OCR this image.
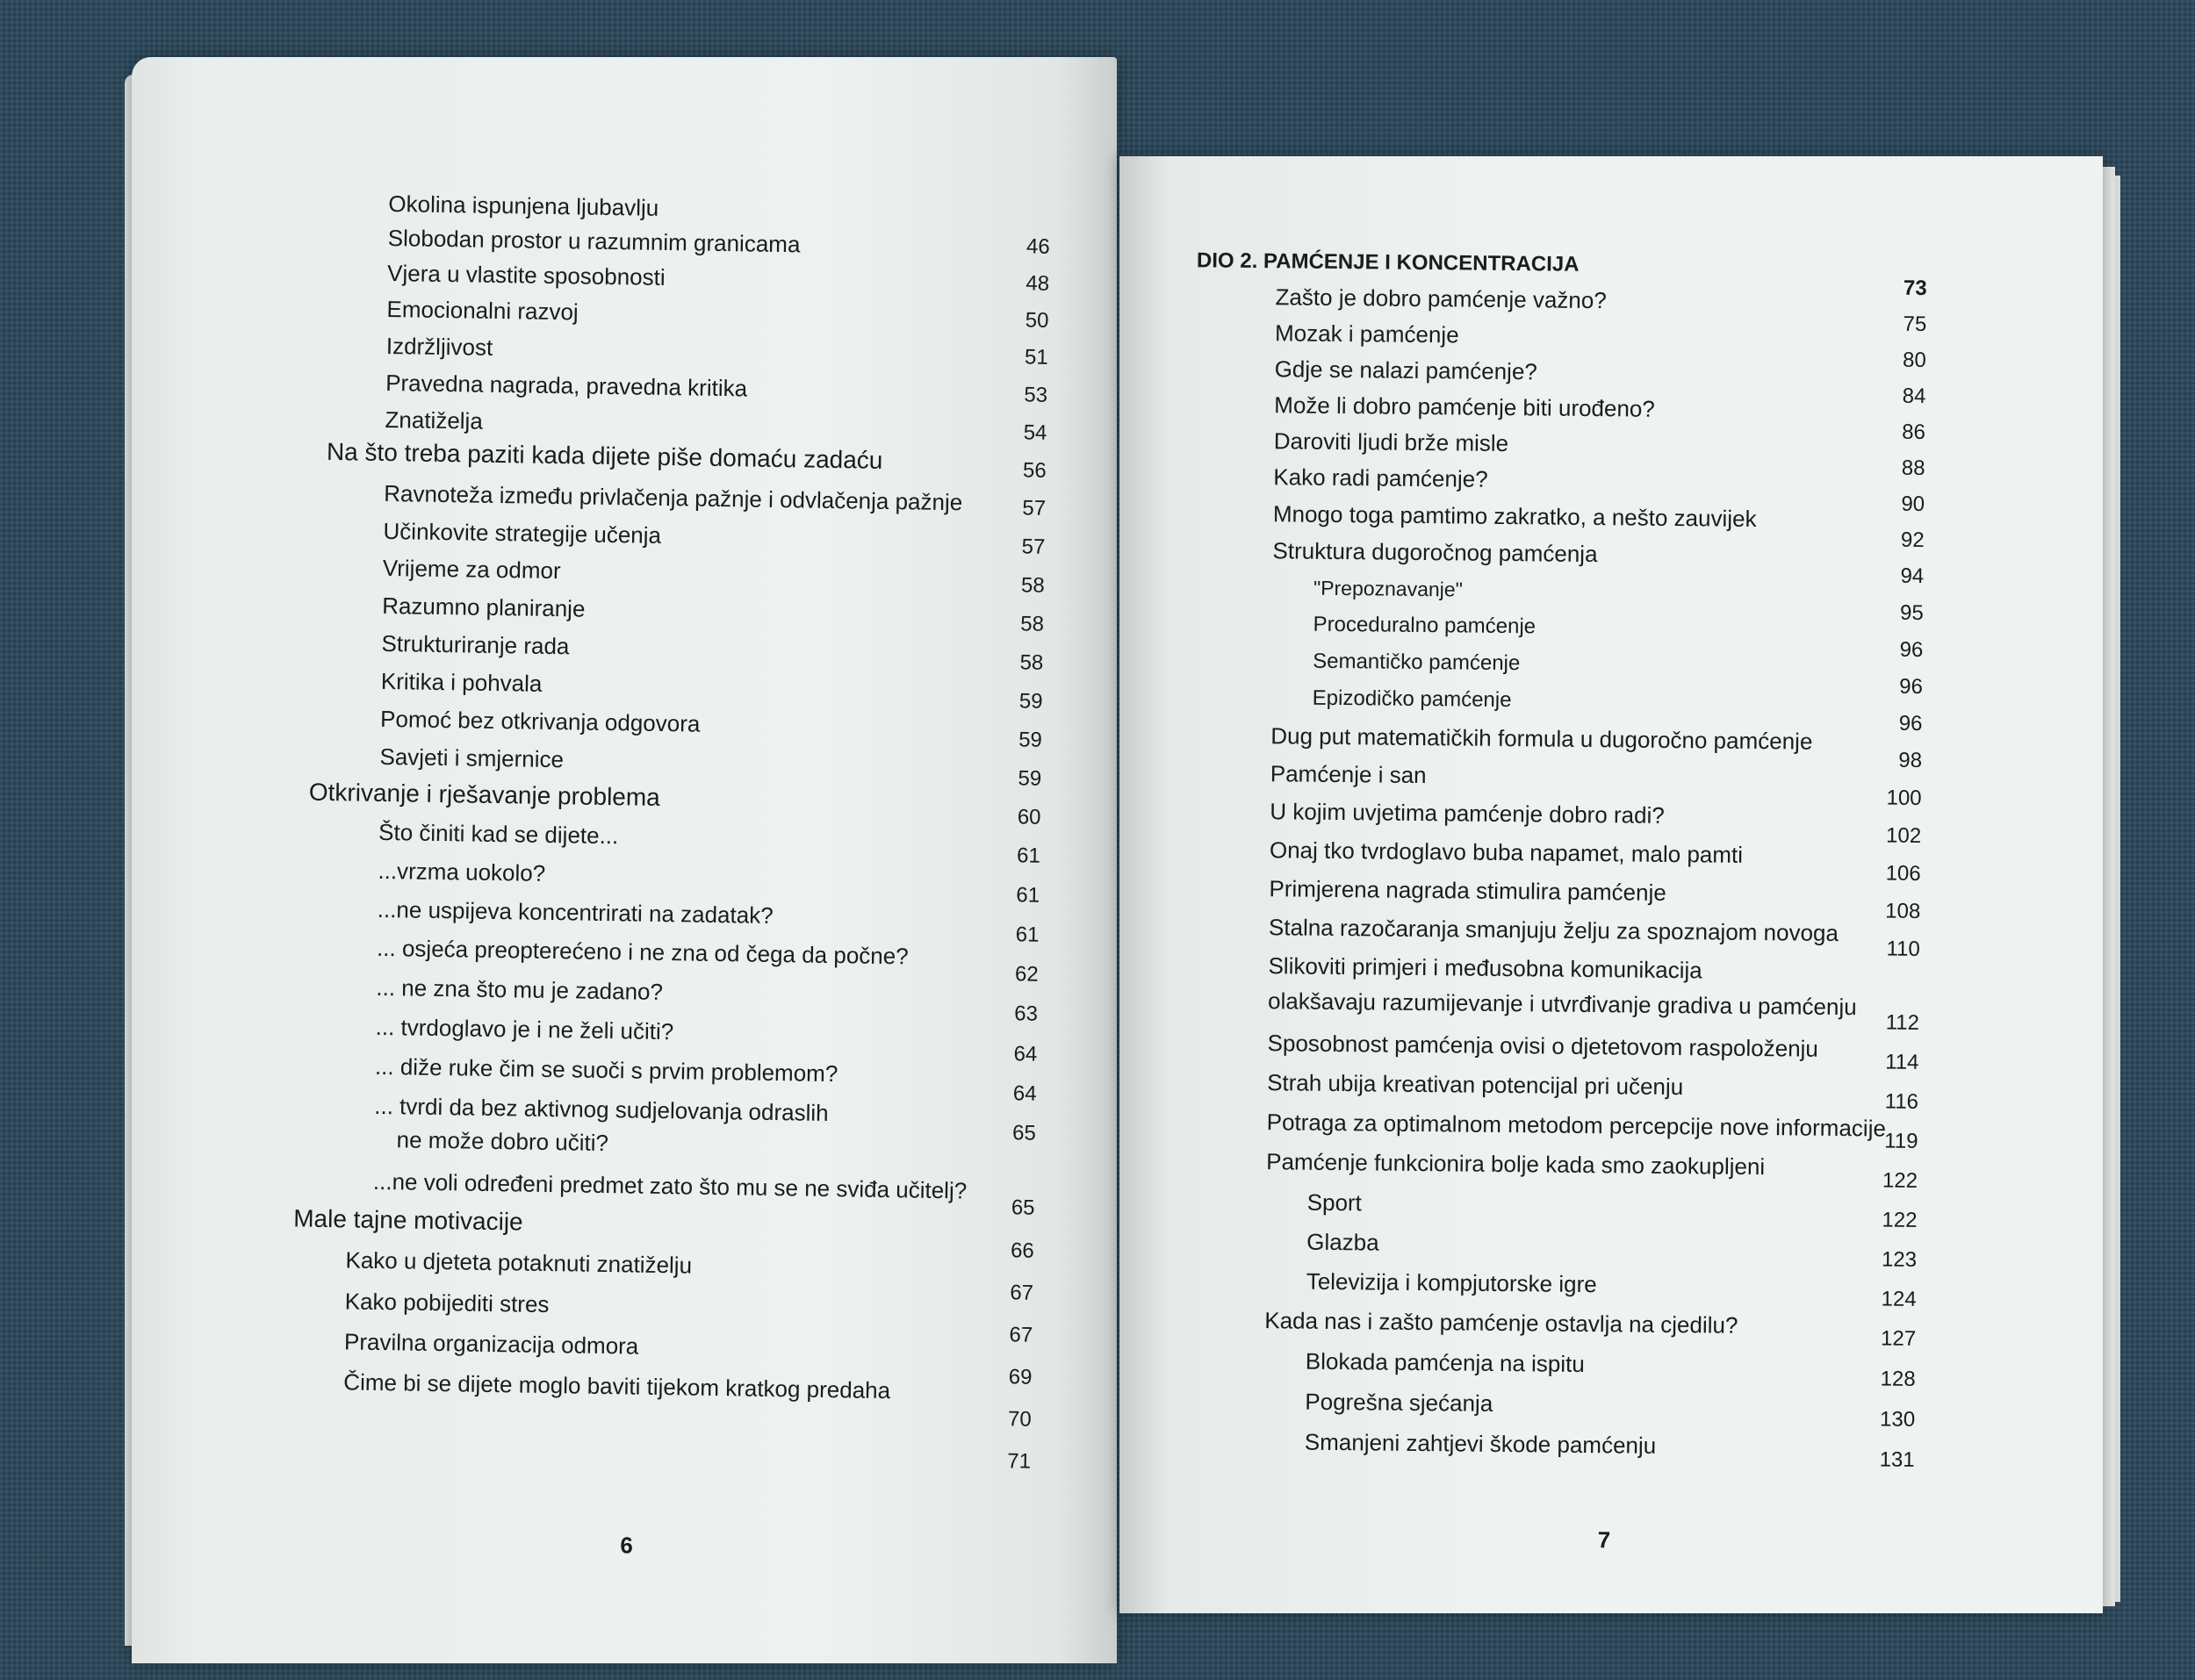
Okolina ispunjena ljubavlju
Slobodan prostor u razumnim granicama
Vjera u vlastite sposobnosti
Emocionalni razvoj
Izdržljivost
Pravedna nagrada, pravedna kritika
Znatiželja
Na što treba paziti kada dijete piše domaću zadaću
Ravnoteža između privlačenja pažnje i odvlačenja pažnje
Učinkovite strategije učenja
Vrijeme za odmor
Razumno planiranje
Strukturiranje rada
Kritika i pohvala
Pomoć bez otkrivanja odgovora
Savjeti i smjernice
Otkrivanje i rješavanje problema
Što činiti kad se dijete...
...vrzma uokolo?
...ne uspijeva koncentrirati na zadatak?
... osjeća preopterećeno i ne zna od čega da počne?
... ne zna što mu je zadano?
... tvrdoglavo je i ne želi učiti?
... diže ruke čim se suoči s prvim problemom?
... tvrdi da bez aktivnog sudjelovanja odraslih
ne može dobro učiti?
...ne voli određeni predmet zato što mu se ne sviđa učitelj?
Male tajne motivacije
Kako u djeteta potaknuti znatiželju
Kako pobijediti stres
Pravilna organizacija odmora
Čime bi se dijete moglo baviti tijekom kratkog predaha
46
48
50
51
53
54
56
57
57
58
58
58
59
59
59
60
61
61
61
62
63
64
64
65
65
66
67
67
69
70
71
6
DIO 2. PAMĆENJE I KONCENTRACIJA
Zašto je dobro pamćenje važno?
Mozak i pamćenje
Gdje se nalazi pamćenje?
Može li dobro pamćenje biti urođeno?
Daroviti ljudi brže misle
Kako radi pamćenje?
Mnogo toga pamtimo zakratko, a nešto zauvijek
Struktura dugoročnog pamćenja
"Prepoznavanje"
Proceduralno pamćenje
Semantičko pamćenje
Epizodičko pamćenje
Dug put matematičkih formula u dugoročno pamćenje
Pamćenje i san
U kojim uvjetima pamćenje dobro radi?
Onaj tko tvrdoglavo buba napamet, malo pamti
Primjerena nagrada stimulira pamćenje
Stalna razočaranja smanjuju želju za spoznajom novoga
Slikoviti primjeri i međusobna komunikacija
olakšavaju razumijevanje i utvrđivanje gradiva u pamćenju
Sposobnost pamćenja ovisi o djetetovom raspoloženju
Strah ubija kreativan potencijal pri učenju
Potraga za optimalnom metodom percepcije nove informacije
Pamćenje funkcionira bolje kada smo zaokupljeni
Sport
Glazba
Televizija i kompjutorske igre
Kada nas i zašto pamćenje ostavlja na cjedilu?
Blokada pamćenja na ispitu
Pogrešna sjećanja
Smanjeni zahtjevi škode pamćenju
73
75
80
84
86
88
90
92
94
95
96
96
96
98
100
102
106
108
110
112
114
116
119
122
122
123
124
127
128
130
131
7
